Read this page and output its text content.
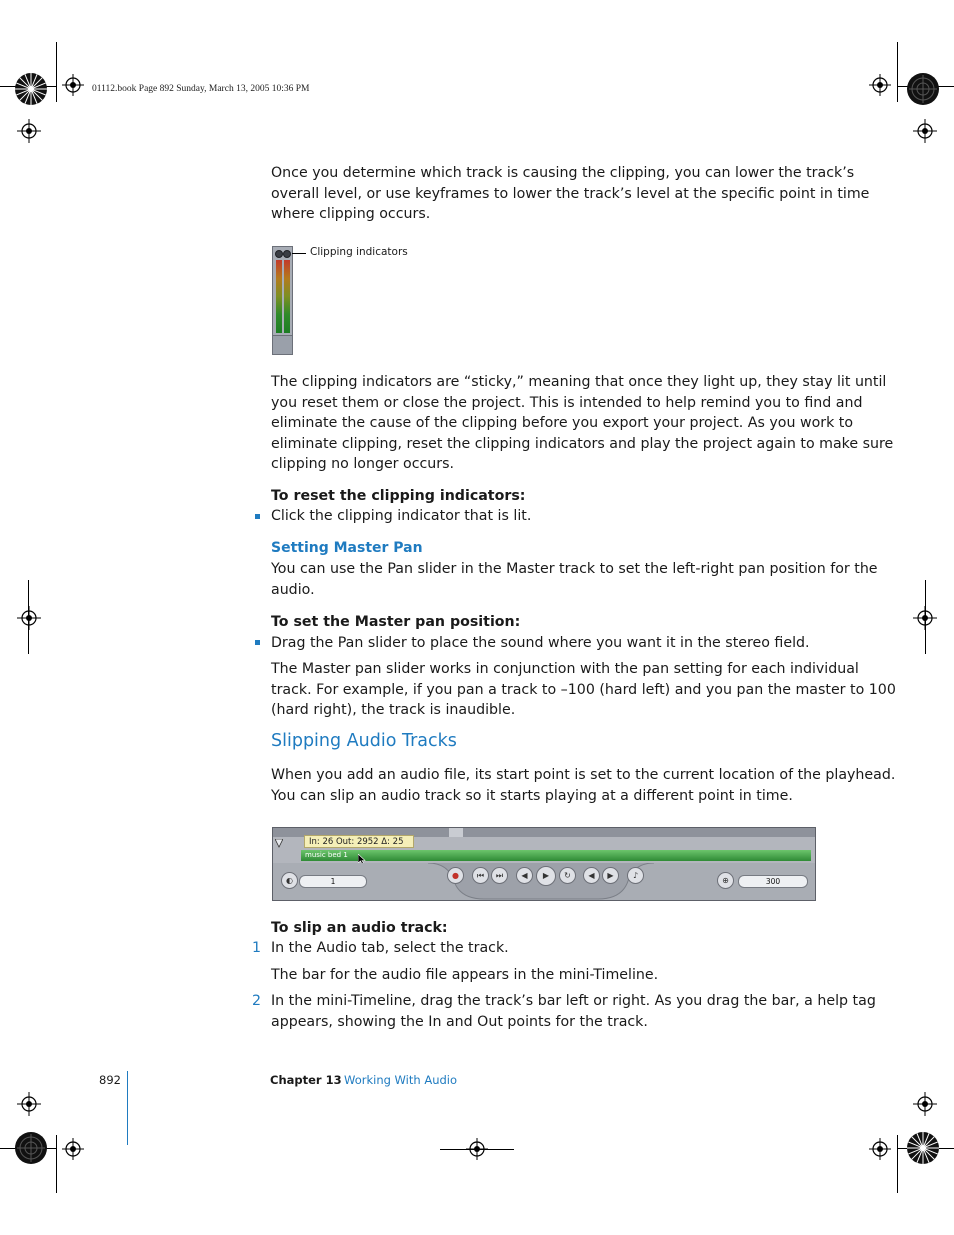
01112.book Page 892 Sunday, March 13, 2005 10:36 PM
Once you determine which track is causing the clipping, you can lower the track’s
overall level, or use keyframes to lower the track’s level at the specific point in time
where clipping occurs.
Clipping indicators
The clipping indicators are “sticky,” meaning that once they light up, they stay lit until
you reset them or close the project. This is intended to help remind you to find and
eliminate the cause of the clipping before you export your project. As you work to
eliminate clipping, reset the clipping indicators and play the project again to make sure
clipping no longer occurs.
To reset the clipping indicators:
Click the clipping indicator that is lit.
Setting Master Pan
You can use the Pan slider in the Master track to set the left-right pan position for the
audio.
To set the Master pan position:
Drag the Pan slider to place the sound where you want it in the stereo field.
The Master pan slider works in conjunction with the pan setting for each individual
track. For example, if you pan a track to –100 (hard left) and you pan the master to 100
(hard right), the track is inaudible.
Slipping Audio Tracks
When you add an audio file, its start point is set to the current location of the playhead.
You can slip an audio track so it starts playing at a different point in time.
music bed 1
In: 26 Out: 2952 Δ: 25
◐	1
●	⏮	⏭	◀	▶	↻	◀	▶	♪
⊕	300
To slip an audio track:
1 In the Audio tab, select the track.
The bar for the audio file appears in the mini-Timeline.
2 In the mini-Timeline, drag the track’s bar left or right. As you drag the bar, a help tag
appears, showing the In and Out points for the track.
892	Chapter 13 Working With Audio
